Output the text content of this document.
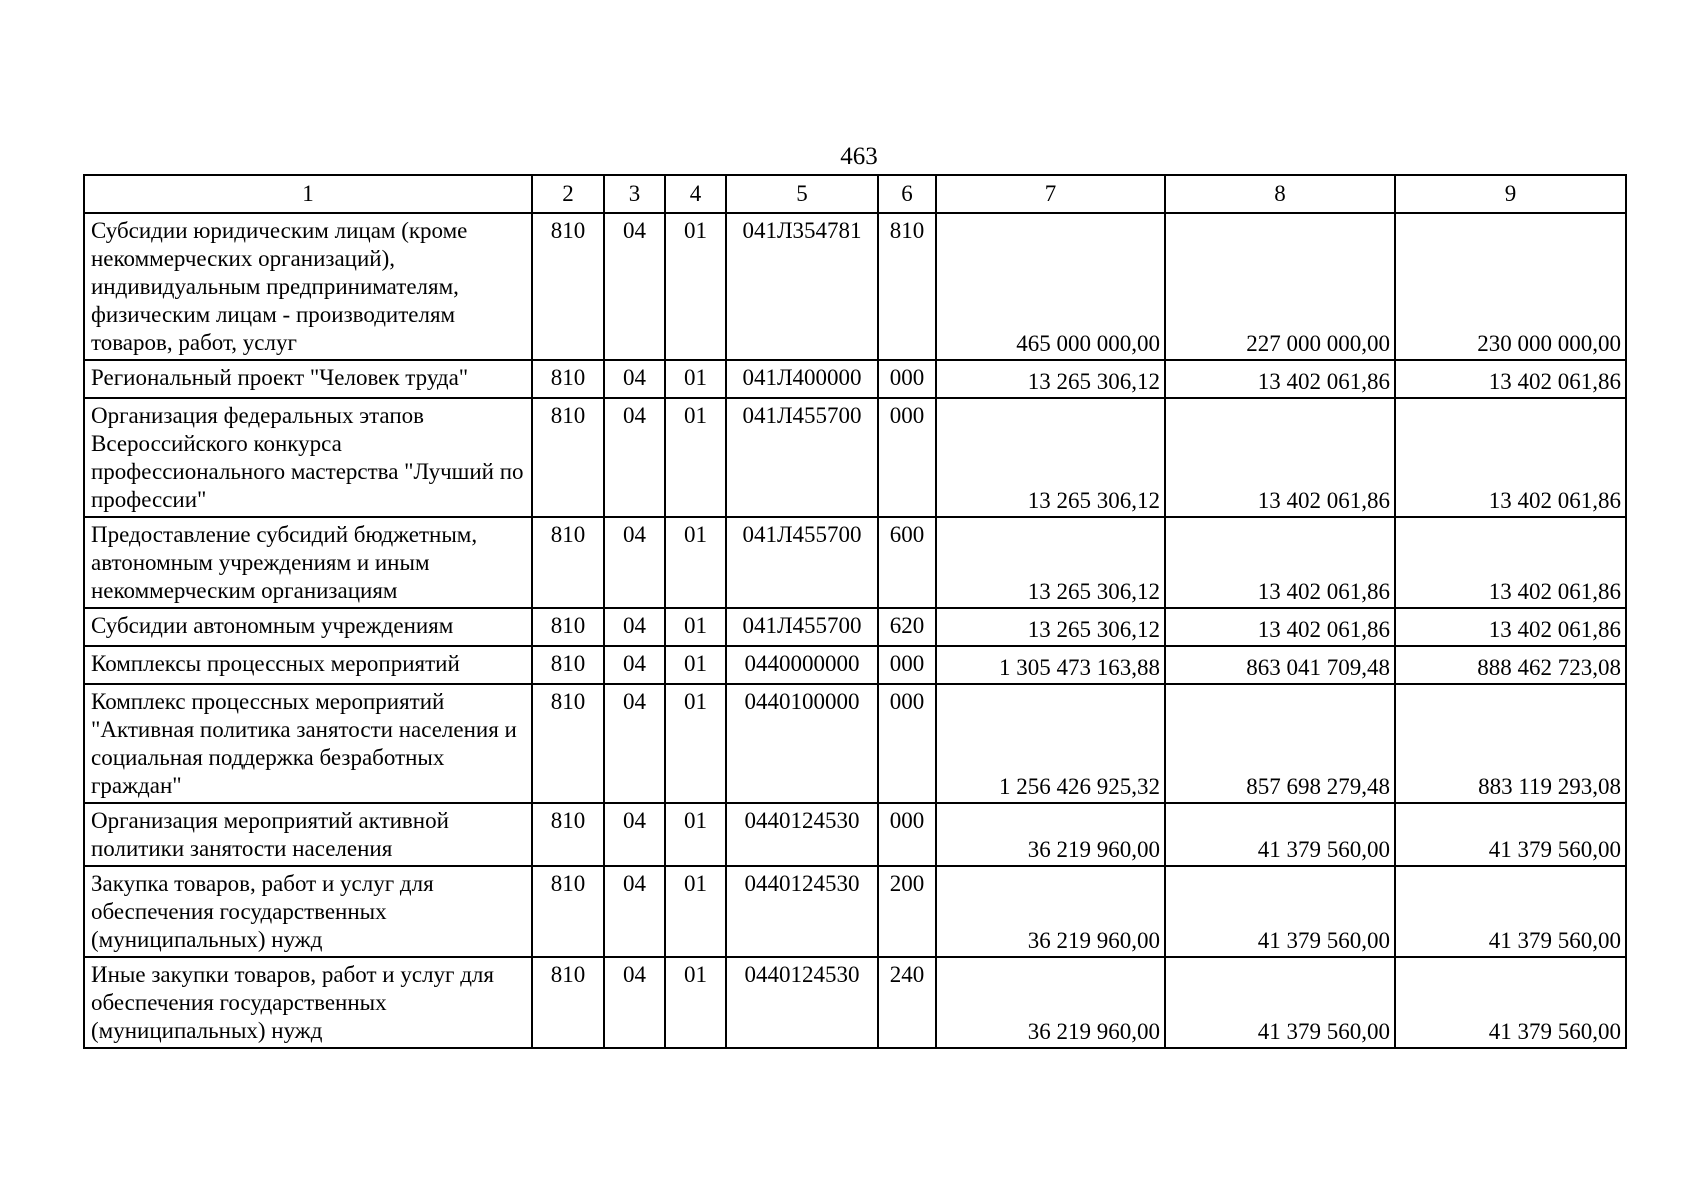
463
1	2	3	4	5	6	7	8	9
Субсидии юридическим лицам (кроме некоммерческих организаций), индивидуальным предпринимателям, физическим лицам - производителям товаров, работ, услуг	810	04	01	041Л354781	810	465 000 000,00	227 000 000,00	230 000 000,00
Региональный проект "Человек труда"	810	04	01	041Л400000	000	13 265 306,12	13 402 061,86	13 402 061,86
Организация федеральных этапов Всероссийского конкурса профессионального мастерства "Лучший по профессии"	810	04	01	041Л455700	000	13 265 306,12	13 402 061,86	13 402 061,86
Предоставление субсидий бюджетным, автономным учреждениям и иным некоммерческим организациям	810	04	01	041Л455700	600	13 265 306,12	13 402 061,86	13 402 061,86
Субсидии автономным учреждениям	810	04	01	041Л455700	620	13 265 306,12	13 402 061,86	13 402 061,86
Комплексы процессных мероприятий	810	04	01	0440000000	000	1 305 473 163,88	863 041 709,48	888 462 723,08
Комплекс процессных мероприятий "Активная политика занятости населения и социальная поддержка безработных граждан"	810	04	01	0440100000	000	1 256 426 925,32	857 698 279,48	883 119 293,08
Организация мероприятий активной политики занятости населения	810	04	01	0440124530	000	36 219 960,00	41 379 560,00	41 379 560,00
Закупка товаров, работ и услуг для обеспечения государственных (муниципальных) нужд	810	04	01	0440124530	200	36 219 960,00	41 379 560,00	41 379 560,00
Иные закупки товаров, работ и услуг для обеспечения государственных (муниципальных) нужд	810	04	01	0440124530	240	36 219 960,00	41 379 560,00	41 379 560,00
